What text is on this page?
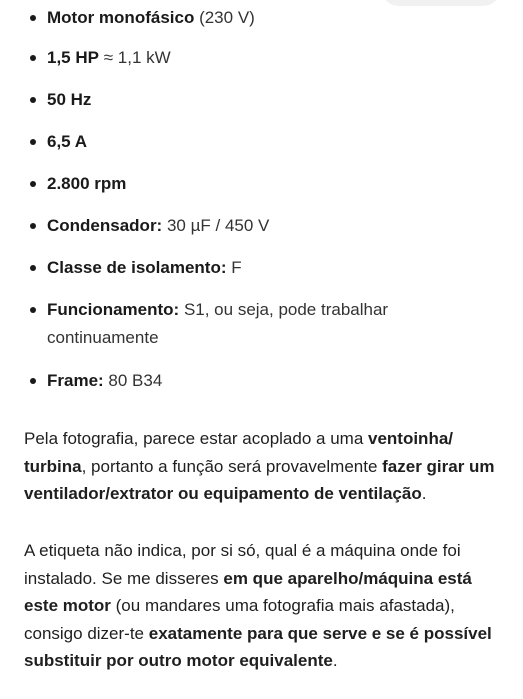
Motor monofásico (230 V)
1,5 HP ≈ 1,1 kW
50 Hz
6,5 A
2.800 rpm
Condensador: 30 µF / 450 V
Classe de isolamento: F
Funcionamento: S1, ou seja, pode trabalhar continuamente
Frame: 80 B34

Pela fotografia, parece estar acoplado a uma ventoinha/ turbina, portanto a função será provavelmente fazer girar um ventilador/extrator ou equipamento de ventilação.

A etiqueta não indica, por si só, qual é a máquina onde foi instalado. Se me disseres em que aparelho/máquina está este motor (ou mandares uma fotografia mais afastada), consigo dizer-te exatamente para que serve e se é possível substituir por outro motor equivalente.
